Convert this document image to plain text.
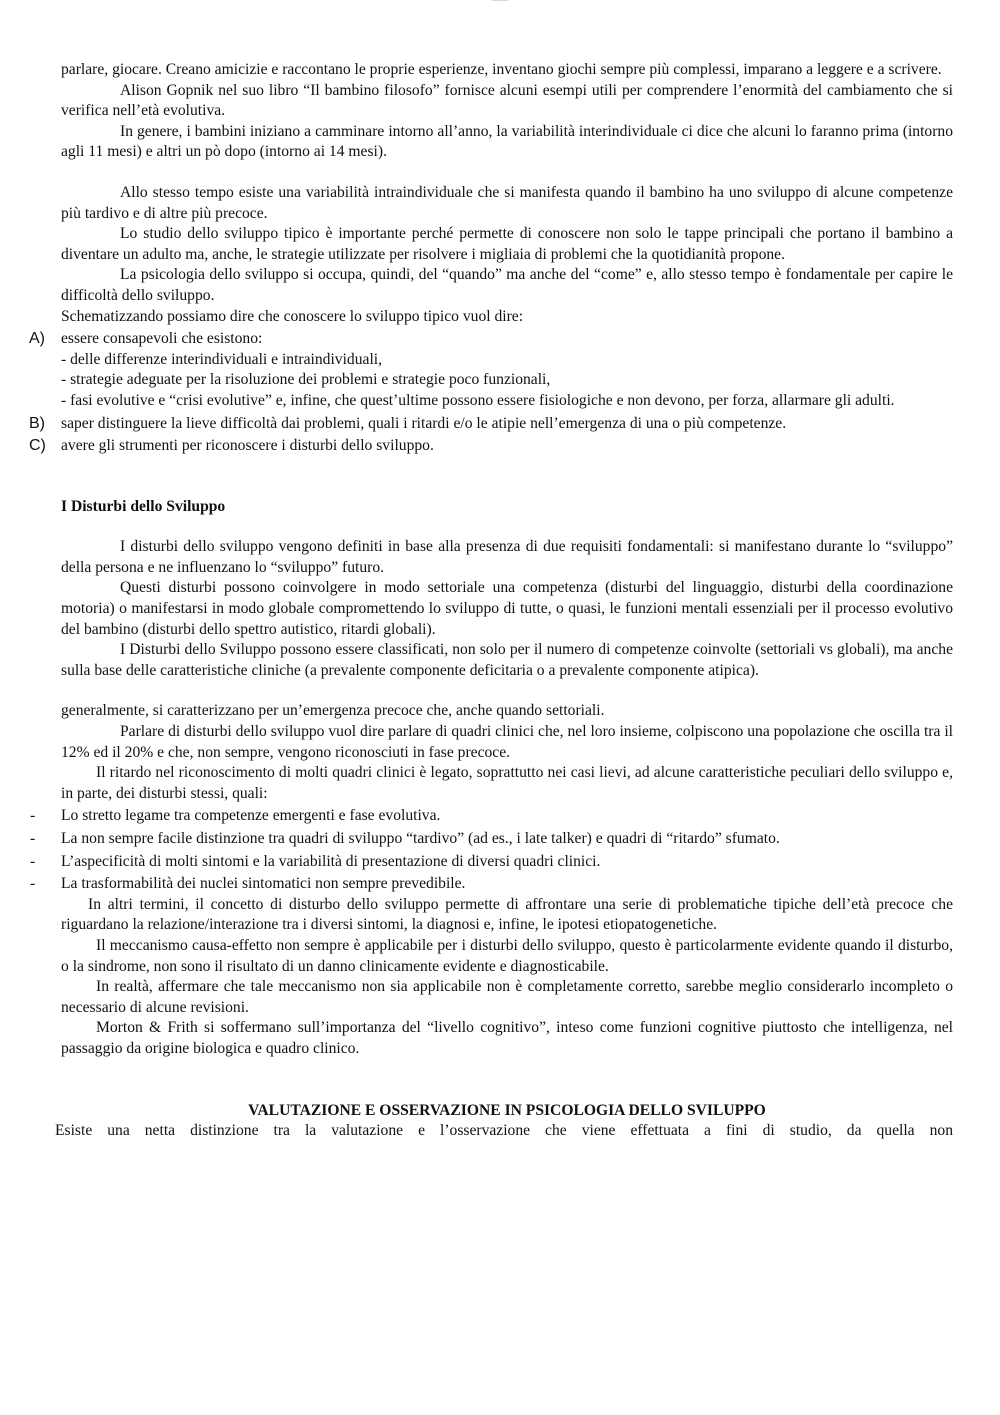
parlare, giocare. Creano amicizie e raccontano le proprie esperienze, inventano giochi sempre più complessi, imparano a leggere e a scrivere.

Alison Gopnik nel suo libro “Il bambino filosofo” fornisce alcuni esempi utili per comprendere l’enormità del cambiamento che si verifica nell’età evolutiva.

In genere, i bambini iniziano a camminare intorno all’anno, la variabilità interindividuale ci dice che alcuni lo faranno prima (intorno agli 11 mesi) e altri un pò dopo (intorno ai 14 mesi).

Allo stesso tempo esiste una variabilità intraindividuale che si manifesta quando il bambino ha uno sviluppo di alcune competenze più tardivo e di altre più precoce.

Lo studio dello sviluppo tipico è importante perché permette di conoscere non solo le tappe principali che portano il bambino a diventare un adulto ma, anche, le strategie utilizzate per risolvere i migliaia di problemi che la quotidianità propone.

La psicologia dello sviluppo si occupa, quindi, del “quando” ma anche del “come” e, allo stesso tempo è fondamentale per capire le difficoltà dello sviluppo.

Schematizzando possiamo dire che conoscere lo sviluppo tipico vuol dire:

A) essere consapevoli che esistono:

- delle differenze interindividuali e intraindividuali,

- strategie adeguate per la risoluzione dei problemi e strategie poco funzionali,

- fasi evolutive e “crisi evolutive” e, infine, che quest’ultime possono essere fisiologiche e non devono, per forza, allarmare gli adulti.

B) saper distinguere la lieve difficoltà dai problemi, quali i ritardi e/o le atipie nell’emergenza di una o più competenze.

C) avere gli strumenti per riconoscere i disturbi dello sviluppo.

I Disturbi dello Sviluppo

I disturbi dello sviluppo vengono definiti in base alla presenza di due requisiti fondamentali: si manifestano durante lo “sviluppo” della persona e ne influenzano lo “sviluppo” futuro.

Questi disturbi possono coinvolgere in modo settoriale una competenza (disturbi del linguaggio, disturbi della coordinazione motoria) o manifestarsi in modo globale compromettendo lo sviluppo di tutte, o quasi, le funzioni mentali essenziali per il processo evolutivo del bambino (disturbi dello spettro autistico, ritardi globali).

I Disturbi dello Sviluppo possono essere classificati, non solo per il numero di competenze coinvolte (settoriali vs globali), ma anche sulla base delle caratteristiche cliniche (a prevalente componente deficitaria o a prevalente componente atipica).

generalmente, si caratterizzano per un’emergenza precoce che, anche quando settoriali.

Parlare di disturbi dello sviluppo vuol dire parlare di quadri clinici che, nel loro insieme, colpiscono una popolazione che oscilla tra il 12% ed il 20% e che, non sempre, vengono riconosciuti in fase precoce.

Il ritardo nel riconoscimento di molti quadri clinici è legato, soprattutto nei casi lievi, ad alcune caratteristiche peculiari dello sviluppo e, in parte, dei disturbi stessi, quali:

- Lo stretto legame tra competenze emergenti e fase evolutiva.

- La non sempre facile distinzione tra quadri di sviluppo “tardivo” (ad es., i late talker) e quadri di “ritardo” sfumato.

- L’aspecificità di molti sintomi e la variabilità di presentazione di diversi quadri clinici.

- La trasformabilità dei nuclei sintomatici non sempre prevedibile.

In altri termini, il concetto di disturbo dello sviluppo permette di affrontare una serie di problematiche tipiche dell’età precoce che riguardano la relazione/interazione tra i diversi sintomi, la diagnosi e, infine, le ipotesi etiopatogenetiche.

Il meccanismo causa-effetto non sempre è applicabile per i disturbi dello sviluppo, questo è particolarmente evidente quando il disturbo, o la sindrome, non sono il risultato di un danno clinicamente evidente e diagnosticabile.

In realtà, affermare che tale meccanismo non sia applicabile non è completamente corretto, sarebbe meglio considerarlo incompleto o necessario di alcune revisioni.

Morton & Frith si soffermano sull’importanza del “livello cognitivo”, inteso come funzioni cognitive piuttosto che intelligenza, nel passaggio da origine biologica e quadro clinico.

VALUTAZIONE E OSSERVAZIONE IN PSICOLOGIA DELLO SVILUPPO

Esiste una netta distinzione tra la valutazione e l’osservazione che viene effettuata a fini di studio, da quella non
